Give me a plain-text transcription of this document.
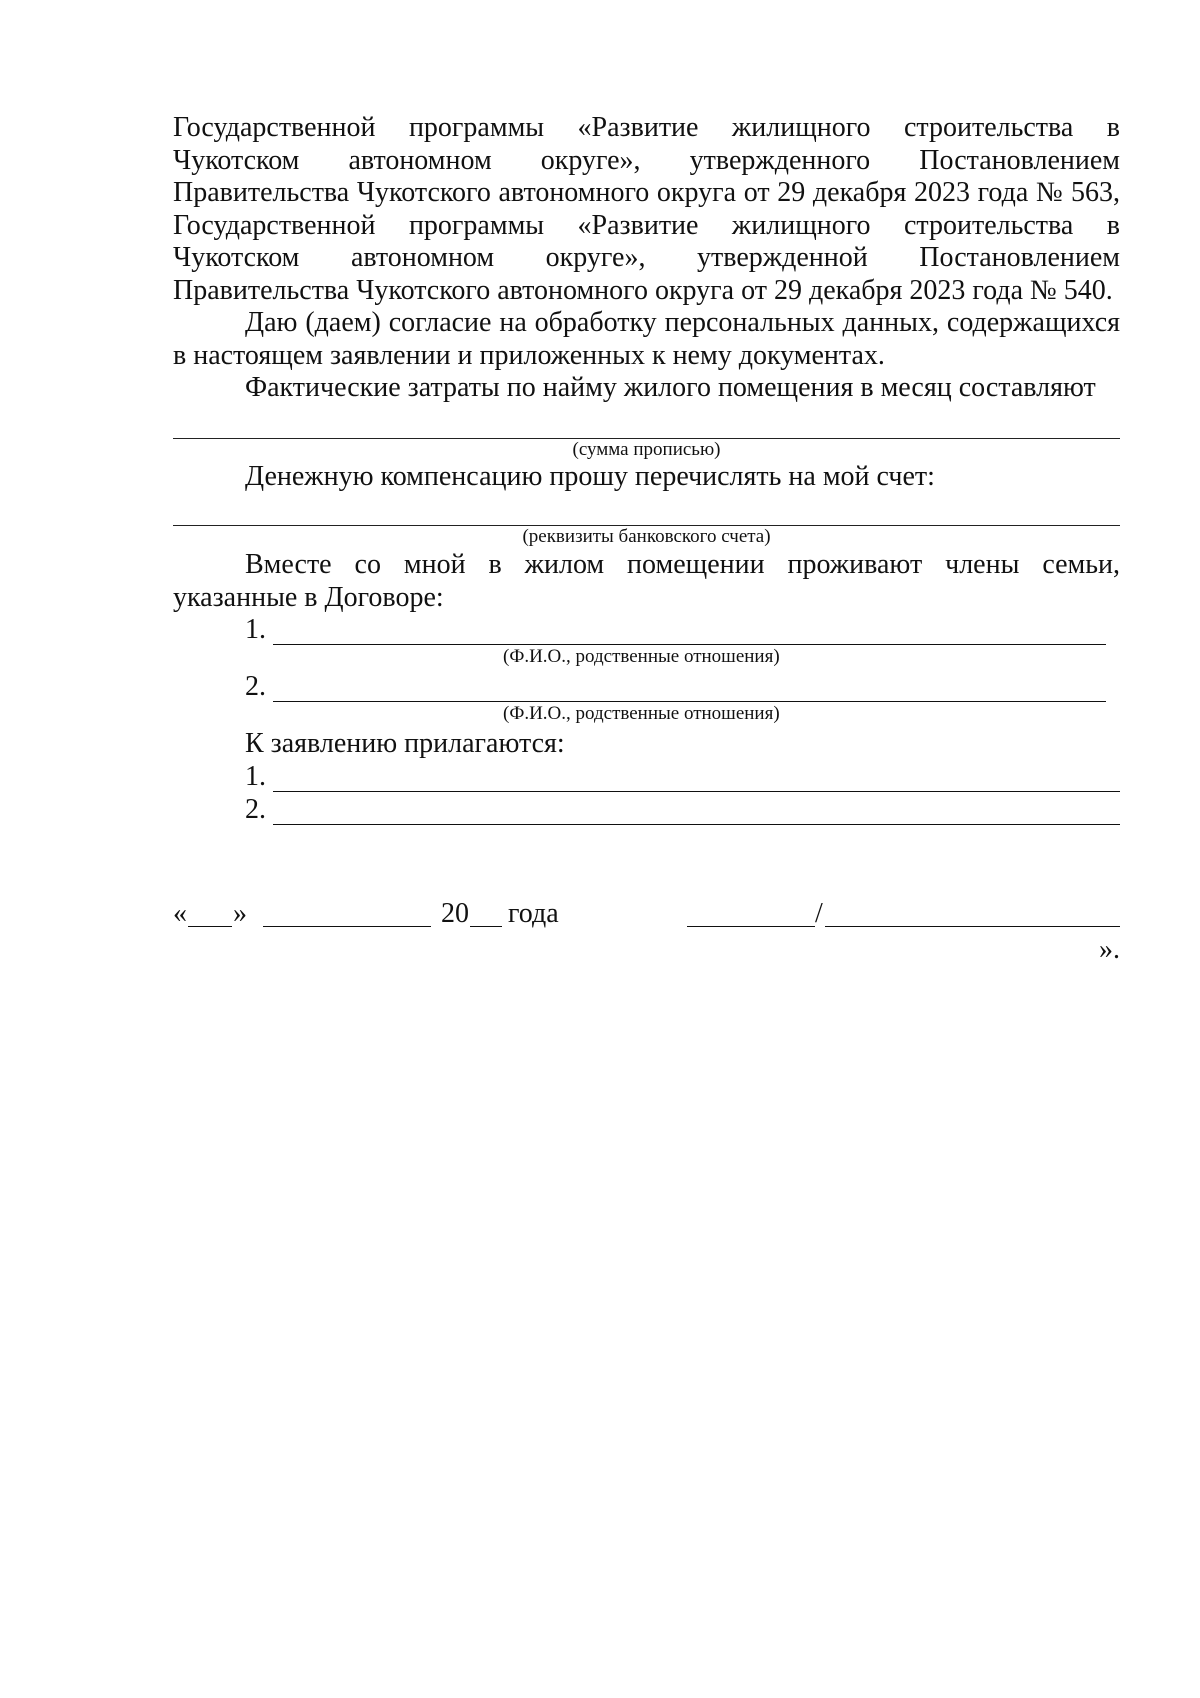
Государственной программы «Развитие жилищного строительства в Чукотском автономном округе», утвержденного Постановлением Правительства Чукотского автономного округа от 29 декабря 2023 года № 563, Государственной программы «Развитие жилищного строительства в Чукотском автономном округе», утвержденной Постановлением Правительства Чукотского автономного округа от 29 декабря 2023 года № 540.

Даю (даем) согласие на обработку персональных данных, содержащихся в настоящем заявлении и приложенных к нему документах.

Фактические затраты по найму жилого помещения в месяц составляют

(сумма прописью)

Денежную компенсацию прошу перечислять на мой счет:

(реквизиты банковского счета)

Вместе со мной в жилом помещении проживают члены семьи, указанные в Договоре:

1.
(Ф.И.О., родственные отношения)
2.
(Ф.И.О., родственные отношения)

К заявлению прилагаются:

1.
2.
« »	20 года	/
».
